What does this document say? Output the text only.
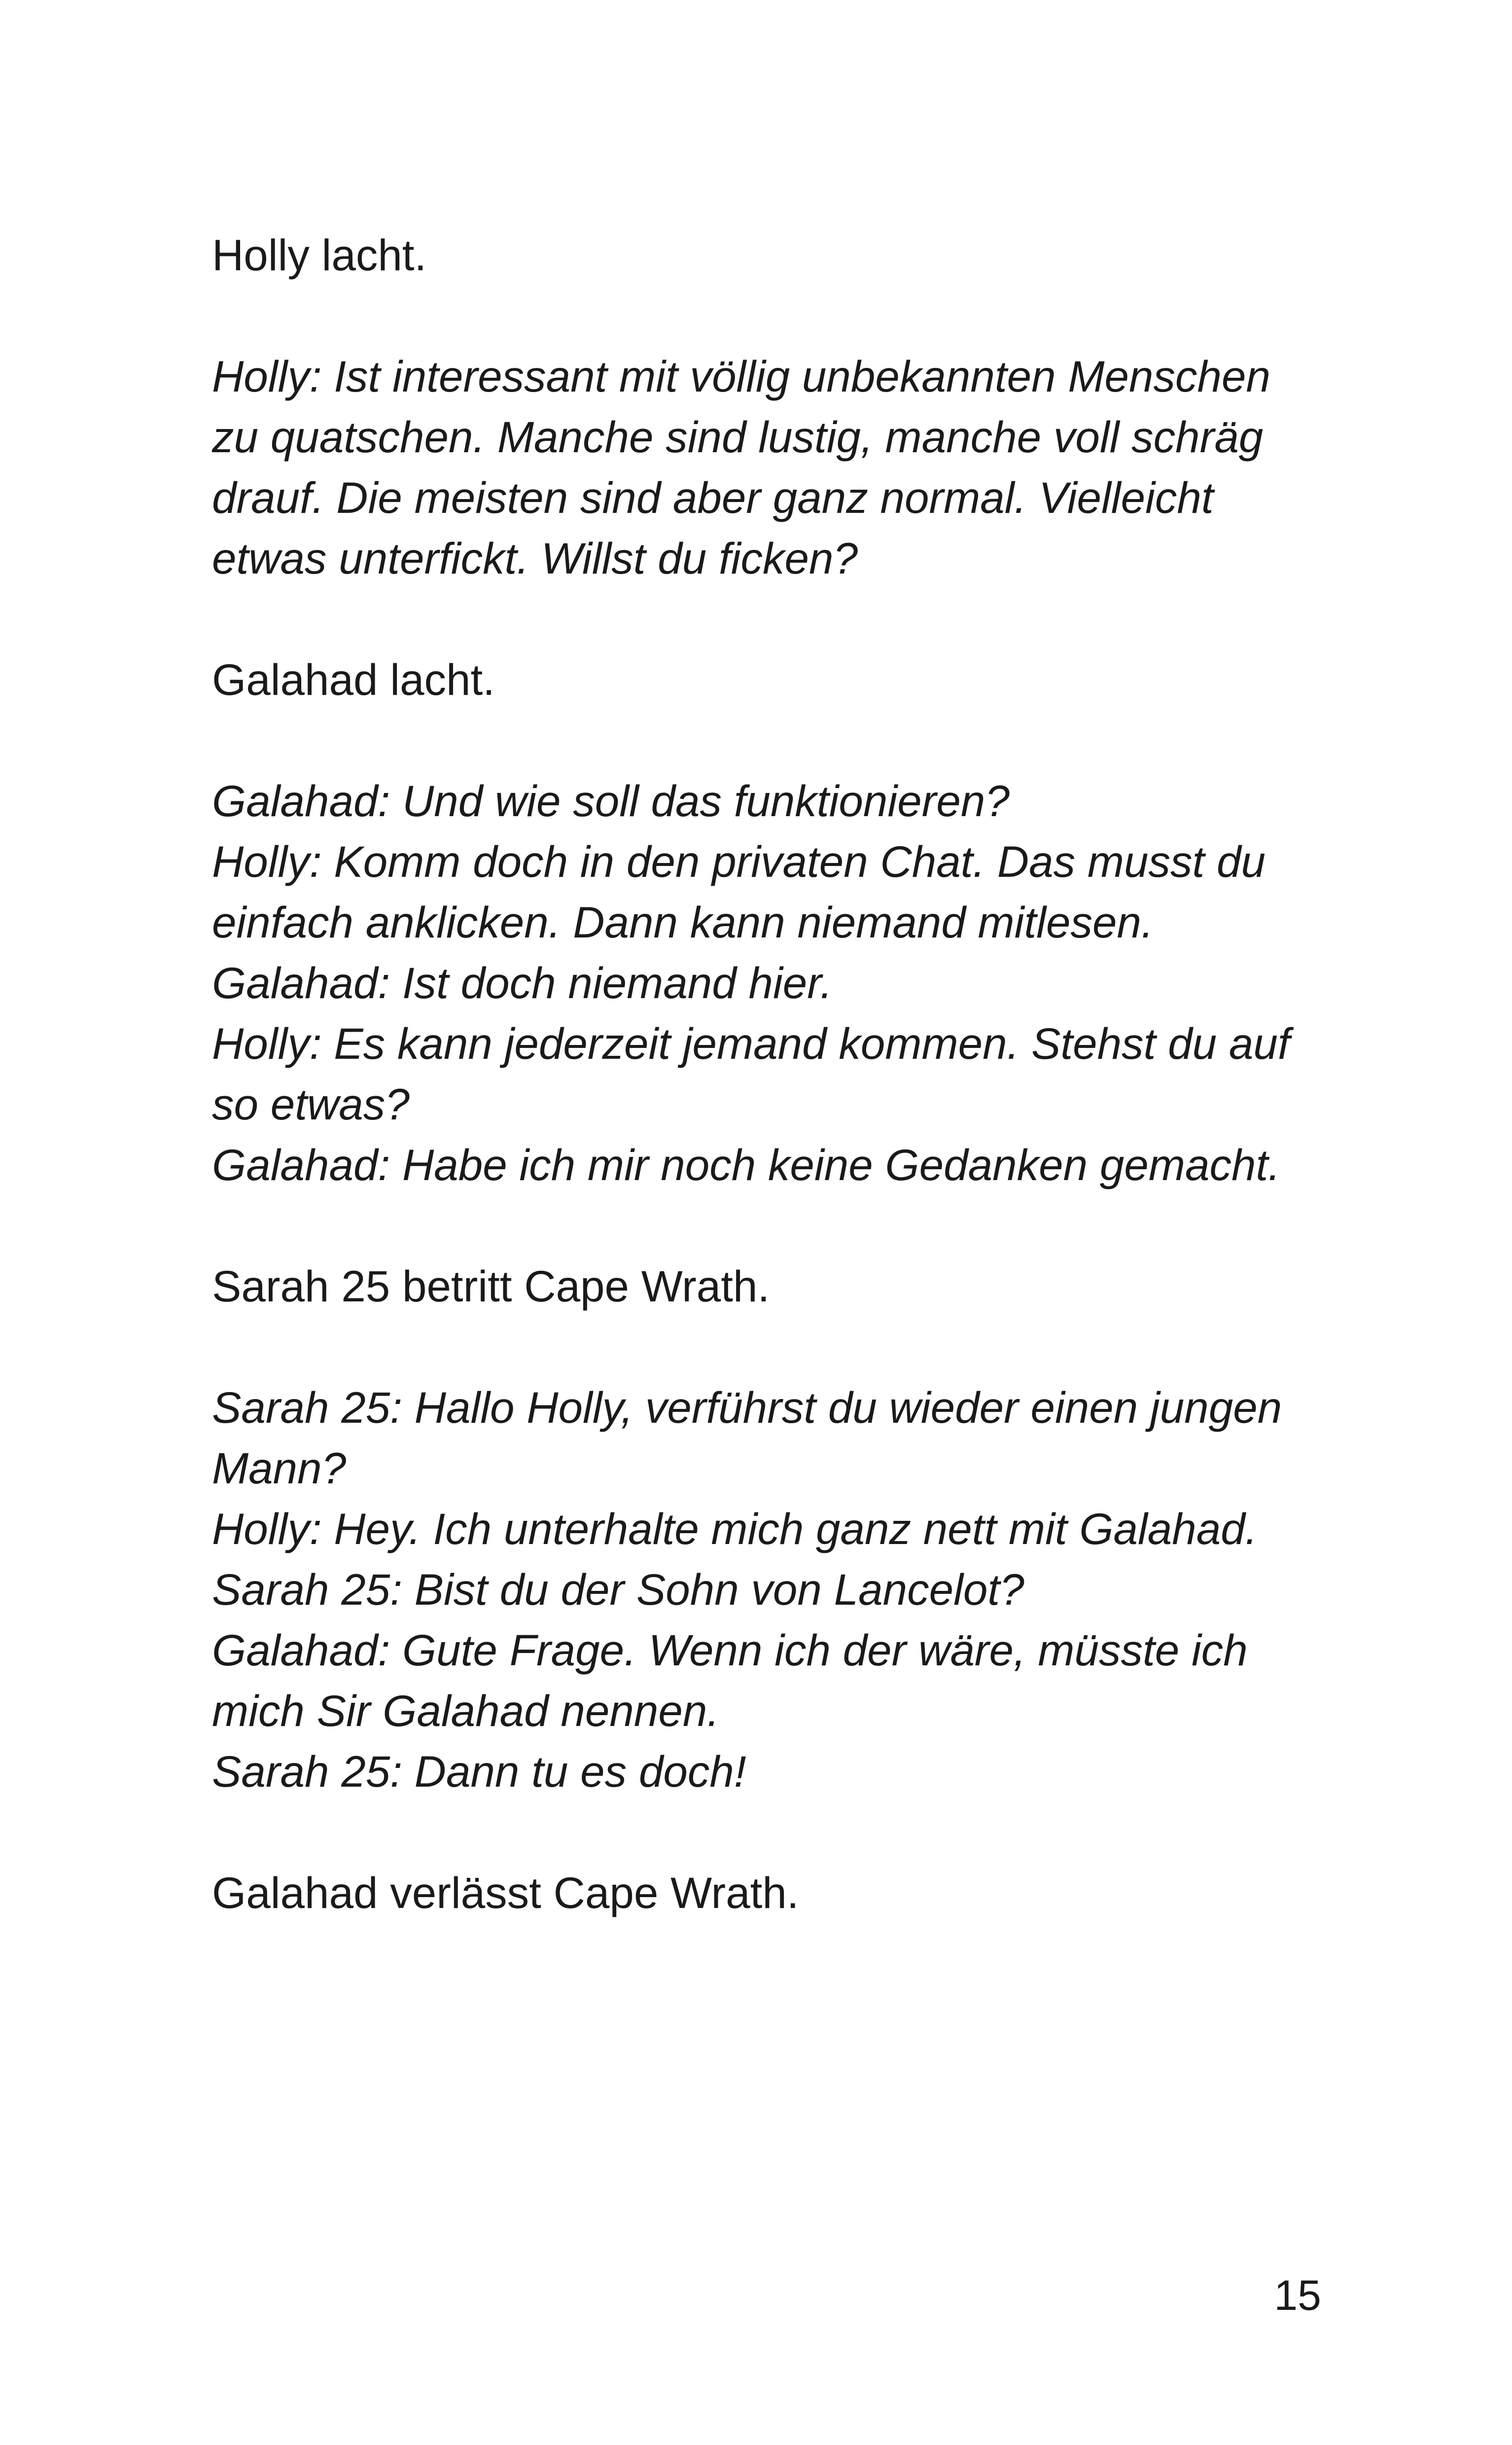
Holly lacht.

Holly: Ist interessant mit völlig unbekannten Menschen zu quatschen. Manche sind lustig, manche voll schräg drauf. Die meisten sind aber ganz normal. Vielleicht etwas unterfickt. Willst du ficken?

Galahad lacht.

Galahad: Und wie soll das funktionieren?

Holly: Komm doch in den privaten Chat. Das musst du einfach anklicken. Dann kann niemand mitlesen.

Galahad: Ist doch niemand hier.

Holly: Es kann jederzeit jemand kommen. Stehst du auf so etwas?

Galahad: Habe ich mir noch keine Gedanken gemacht.

Sarah 25 betritt Cape Wrath.

Sarah 25: Hallo Holly, verführst du wieder einen jungen Mann?

Holly: Hey. Ich unterhalte mich ganz nett mit Galahad.

Sarah 25: Bist du der Sohn von Lancelot?

Galahad: Gute Frage. Wenn ich der wäre, müsste ich mich Sir Galahad nennen.

Sarah 25: Dann tu es doch!

Galahad verlässt Cape Wrath.

15
